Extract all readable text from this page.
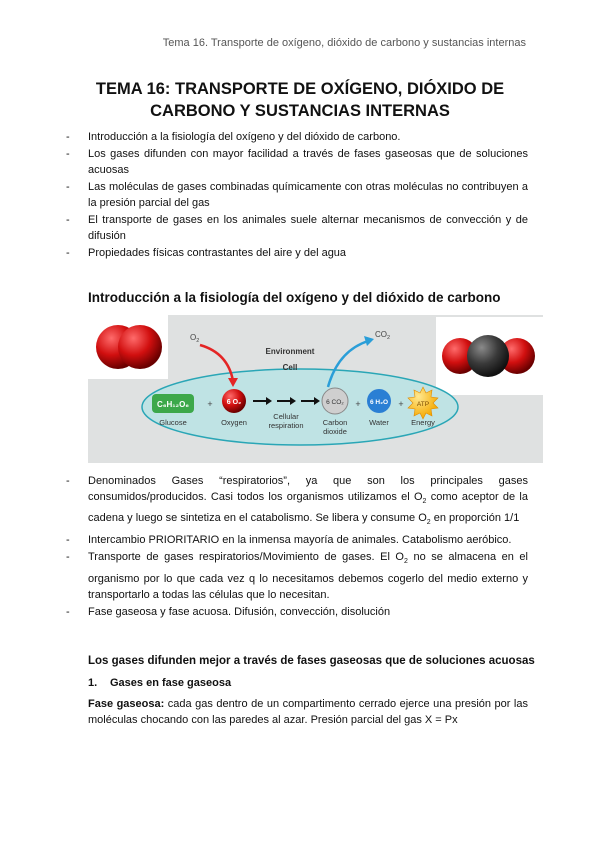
Tema 16. Transporte de oxígeno, dióxido de carbono y sustancias internas
TEMA 16: TRANSPORTE DE OXÍGENO, DIÓXIDO DE
CARBONO Y SUSTANCIAS INTERNAS
- Introducción a la fisiología del oxígeno y del dióxido de carbono.
- Los gases difunden con mayor facilidad a través de fases gaseosas que de soluciones acuosas
- Las moléculas de gases combinadas químicamente con otras moléculas no contribuyen a la presión parcial del gas
- El transporte de gases en los animales suele alternar mecanismos de convección y de difusión
- Propiedades físicas contrastantes del aire y del agua
Introducción a la fisiología del oxígeno y del dióxido de carbono
$O_2$
$CO_2$
Environment
Cell
C₆H₁₂O₆
Glucose
+ 6 O₂
Oxygen
Cellular
respiration
6 CO₂
Carbon
dioxide
+ 6 H₂O
Water
+ ATP
Energy
- Denominados Gases “respiratorios”, ya que son los principales gases consumidos/producidos. Casi todos los organismos utilizamos el $O_2$ como aceptor de la cadena y luego se sintetiza en el catabolismo. Se libera y consume $O_2$ en proporción 1/1
- Intercambio PRIORITARIO en la inmensa mayoría de animales. Catabolismo aeróbico.
- Transporte de gases respiratorios/Movimiento de gases. El $O_2$ no se almacena en el organismo por lo que cada vez q lo necesitamos debemos cogerlo del medio externo y transportarlo a todas las células que lo necesitan.
- Fase gaseosa y fase acuosa. Difusión, convección, disolución
Los gases difunden mejor a través de fases gaseosas que de soluciones acuosas
1. Gases en fase gaseosa
Fase gaseosa: cada gas dentro de un compartimento cerrado ejerce una presión por las moléculas chocando con las paredes al azar. Presión parcial del gas X = Px
